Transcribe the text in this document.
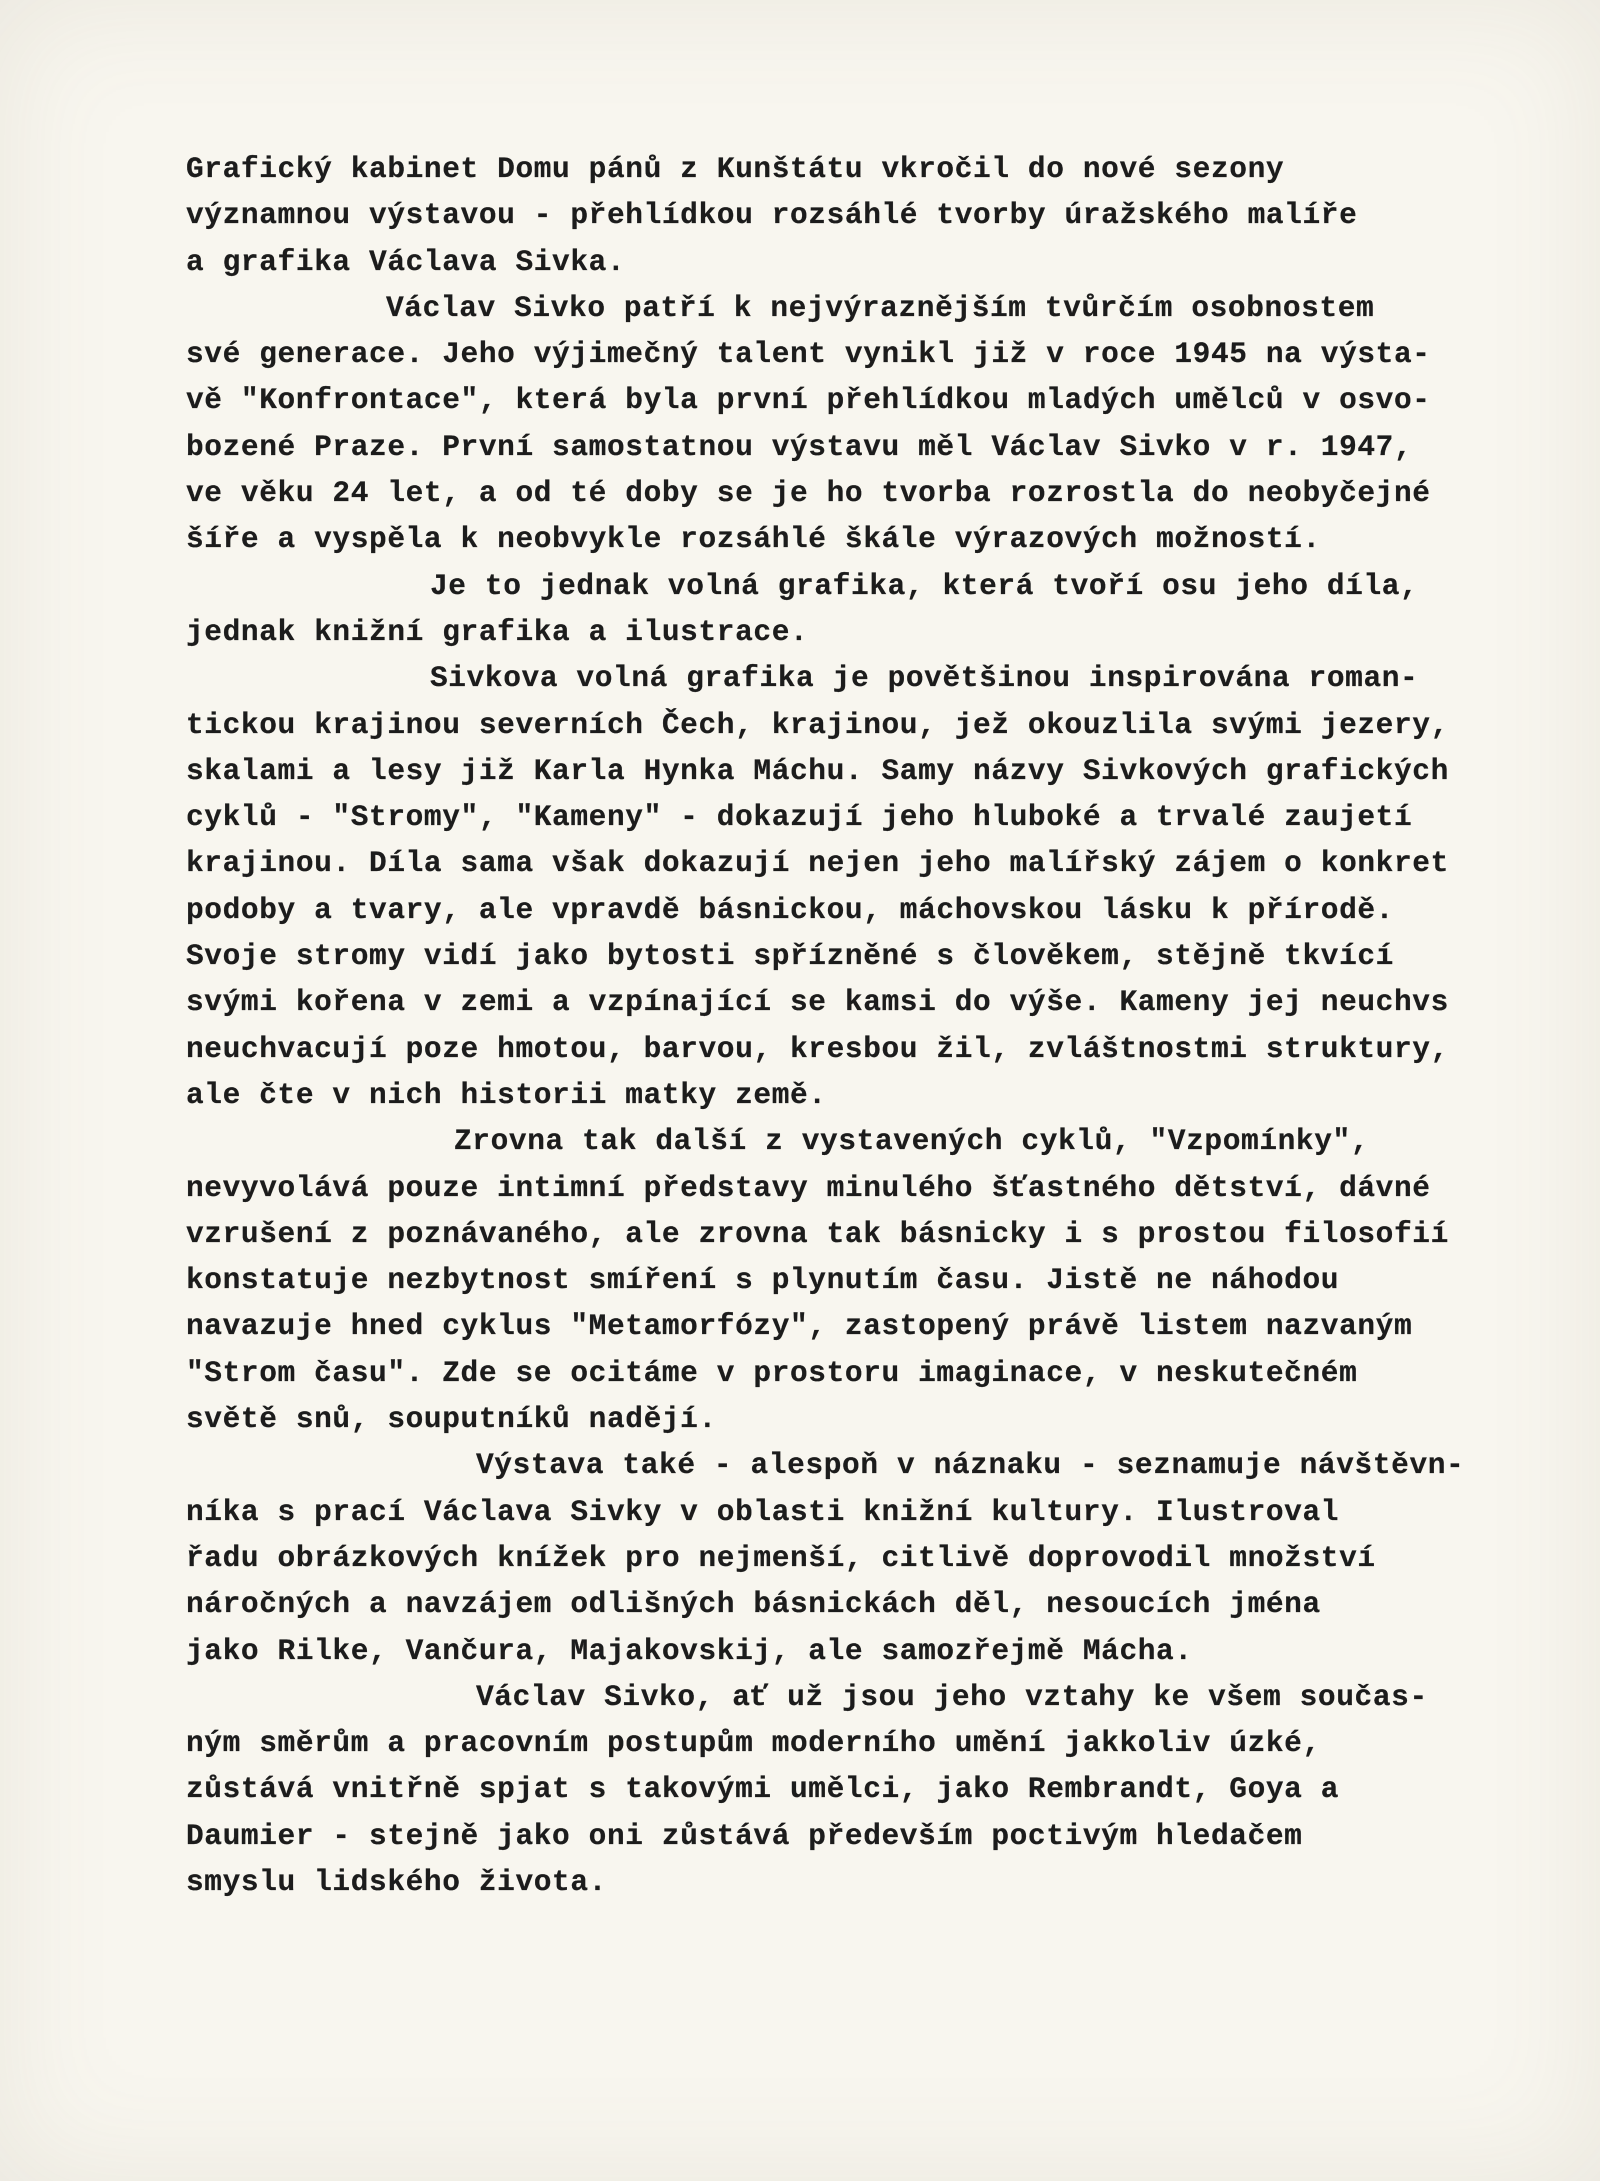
Grafický kabinet Domu pánů z Kunštátu vkročil do nové sezony
významnou výstavou - přehlídkou rozsáhlé tvorby úražského malíře
a grafika Václava Sivka.
Václav Sivko patří k nejvýraznějším tvůrčím osobnostem
své generace. Jeho výjimečný talent vynikl již v roce 1945 na výsta-
vě "Konfrontace", která byla první přehlídkou mladých umělců v osvo-
bozené Praze. První samostatnou výstavu měl Václav Sivko v r. 1947,
ve věku 24 let, a od té doby se je ho tvorba rozrostla do neobyčejné
šíře a vyspěla k neobvykle rozsáhlé škále výrazových možností.
Je to jednak volná grafika, která tvoří osu jeho díla,
jednak knižní grafika a ilustrace.
Sivkova volná grafika je povětšinou inspirována roman-
tickou krajinou severních Čech, krajinou, jež okouzlila svými jezery,
skalami a lesy již Karla Hynka Máchu. Samy názvy Sivkových grafických
cyklů - "Stromy", "Kameny" - dokazují jeho hluboké a trvalé zaujetí
krajinou. Díla sama však dokazují nejen jeho malířský zájem o konkret
podoby a tvary, ale vpravdě básnickou, máchovskou lásku k přírodě.
Svoje stromy vidí jako bytosti spřízněné s člověkem, stějně tkvící
svými kořena v zemi a vzpínající se kamsi do výše. Kameny jej neuchvs
neuchvacují poze hmotou, barvou, kresbou žil, zvláštnostmi struktury,
ale čte v nich historii matky země.
Zrovna tak další z vystavených cyklů, "Vzpomínky",
nevyvolává pouze intimní představy minulého šťastného dětství, dávné
vzrušení z poznávaného, ale zrovna tak básnicky i s prostou filosofií
konstatuje nezbytnost smíření s plynutím času. Jistě ne náhodou
navazuje hned cyklus "Metamorfózy", zastopený právě listem nazvaným
"Strom času". Zde se ocitáme v prostoru imaginace, v neskutečném
světě snů, souputníků nadějí.
Výstava také - alespoň v náznaku - seznamuje návštěvn-
níka s prací Václava Sivky v oblasti knižní kultury. Ilustroval
řadu obrázkových knížek pro nejmenší, citlivě doprovodil množství
náročných a navzájem odlišných básnickách děl, nesoucích jména
jako Rilke, Vančura, Majakovskij, ale samozřejmě Mácha.
Václav Sivko, ať už jsou jeho vztahy ke všem součas-
ným směrům a pracovním postupům moderního umění jakkoliv úzké,
zůstává vnitřně spjat s takovými umělci, jako Rembrandt, Goya a
Daumier - stejně jako oni zůstává především poctivým hledačem
smyslu lidského života.
